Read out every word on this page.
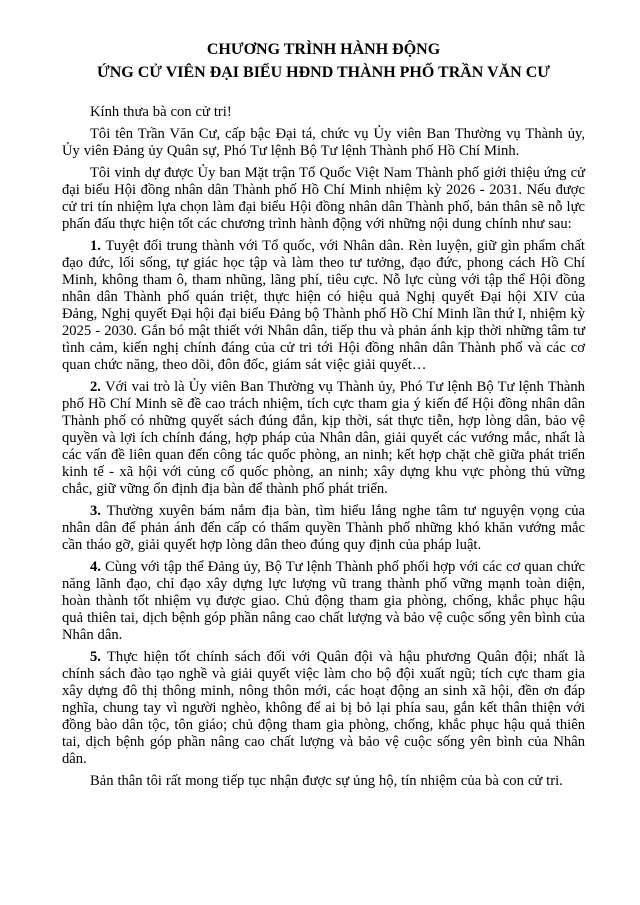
CHƯƠNG TRÌNH HÀNH ĐỘNG
ỨNG CỬ VIÊN ĐẠI BIỂU HĐND THÀNH PHỐ TRẦN VĂN CƯ

Kính thưa bà con cử tri!

Tôi tên Trần Văn Cư, cấp bậc Đại tá, chức vụ Ủy viên Ban Thường vụ Thành ủy, Ủy viên Đảng ủy Quân sự, Phó Tư lệnh Bộ Tư lệnh Thành phố Hồ Chí Minh.

Tôi vinh dự được Ủy ban Mặt trận Tổ Quốc Việt Nam Thành phố giới thiệu ứng cử đại biểu Hội đồng nhân dân Thành phố Hồ Chí Minh nhiệm kỳ 2026 - 2031. Nếu được cử tri tín nhiệm lựa chọn làm đại biểu Hội đồng nhân dân Thành phố, bản thân sẽ nỗ lực phấn đấu thực hiện tốt các chương trình hành động với những nội dung chính như sau:

1. Tuyệt đối trung thành với Tổ quốc, với Nhân dân. Rèn luyện, giữ gìn phẩm chất đạo đức, lối sống, tự giác học tập và làm theo tư tưởng, đạo đức, phong cách Hồ Chí Minh, không tham ô, tham nhũng, lãng phí, tiêu cực. Nỗ lực cùng với tập thể Hội đồng nhân dân Thành phố quán triệt, thực hiện có hiệu quả Nghị quyết Đại hội XIV của Đảng, Nghị quyết Đại hội đại biểu Đảng bộ Thành phố Hồ Chí Minh lần thứ I, nhiệm kỳ 2025 - 2030. Gắn bó mật thiết với Nhân dân, tiếp thu và phản ánh kịp thời những tâm tư tình cảm, kiến nghị chính đáng của cử tri tới Hội đồng nhân dân Thành phố và các cơ quan chức năng, theo dõi, đôn đốc, giám sát việc giải quyết…

2. Với vai trò là Ủy viên Ban Thường vụ Thành ủy, Phó Tư lệnh Bộ Tư lệnh Thành phố Hồ Chí Minh sẽ đề cao trách nhiệm, tích cực tham gia ý kiến để Hội đồng nhân dân Thành phố có những quyết sách đúng đắn, kịp thời, sát thực tiễn, hợp lòng dân, bảo vệ quyền và lợi ích chính đáng, hợp pháp của Nhân dân, giải quyết các vướng mắc, nhất là các vấn đề liên quan đến công tác quốc phòng, an ninh; kết hợp chặt chẽ giữa phát triển kinh tế - xã hội với củng cố quốc phòng, an ninh; xây dựng khu vực phòng thủ vững chắc, giữ vững ổn định địa bàn để thành phố phát triển.

3. Thường xuyên bám nắm địa bàn, tìm hiểu lắng nghe tâm tư nguyện vọng của nhân dân để phản ánh đến cấp có thẩm quyền Thành phố những khó khăn vướng mắc cần tháo gỡ, giải quyết hợp lòng dân theo đúng quy định của pháp luật.

4. Cùng với tập thể Đảng ủy, Bộ Tư lệnh Thành phố phối hợp với các cơ quan chức năng lãnh đạo, chỉ đạo xây dựng lực lượng vũ trang thành phố vững mạnh toàn diện, hoàn thành tốt nhiệm vụ được giao. Chủ động tham gia phòng, chống, khắc phục hậu quả thiên tai, dịch bệnh góp phần nâng cao chất lượng và bảo vệ cuộc sống yên bình của Nhân dân.

5. Thực hiện tốt chính sách đối với Quân đội và hậu phương Quân đội; nhất là chính sách đào tạo nghề và giải quyết việc làm cho bộ đội xuất ngũ; tích cực tham gia xây dựng đô thị thông minh, nông thôn mới, các hoạt động an sinh xã hội, đền ơn đáp nghĩa, chung tay vì người nghèo, không để ai bị bỏ lại phía sau, gắn kết thân thiện với đồng bào dân tộc, tôn giáo; chủ động tham gia phòng, chống, khắc phục hậu quả thiên tai, dịch bệnh góp phần nâng cao chất lượng và bảo vệ cuộc sống yên bình của Nhân dân.

Bản thân tôi rất mong tiếp tục nhận được sự ủng hộ, tín nhiệm của bà con cử tri.
